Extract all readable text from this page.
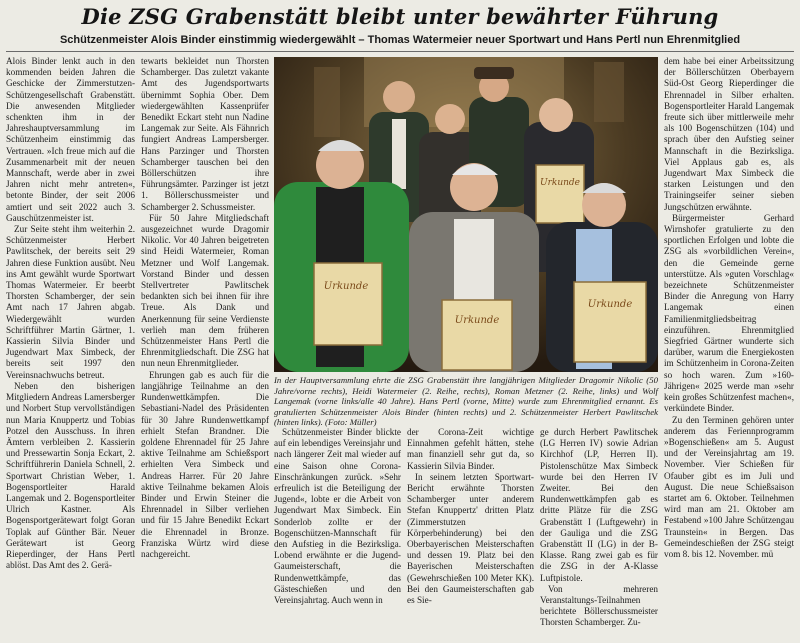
Die ZSG Grabenstätt bleibt unter bewährter Führung
Schützenmeister Alois Binder einstimmig wiedergewählt – Thomas Watermeier neuer Sportwart und Hans Pertl nun Ehrenmitglied

Alois Binder lenkt auch in den kommenden beiden Jahren die Geschicke der Zimmerstutzen-Schützengesellschaft Grabenstätt. Die anwesenden Mitglieder schenkten ihm in der Jahreshauptversammlung im Schützenheim einstimmig das Vertrauen. »Ich freue mich auf die Zusammenarbeit mit der neuen Mannschaft, werde aber in zwei Jahren nicht mehr antreten«, betonte Binder, der seit 2006 amtiert und seit 2022 auch 3. Gauschützenmeister ist.

Zur Seite steht ihm weiterhin 2. Schützenmeister Herbert Pawlitschek, der bereits seit 29 Jahren diese Funktion ausübt. Neu ins Amt gewählt wurde Sportwart Thomas Watermeier. Er beerbt Thorsten Schamberger, der sein Amt nach 17 Jahren abgab. Wiedergewählt wurden Schriftführer Martin Gärtner, 1. Kassierin Silvia Binder und Jugendwart Max Simbeck, der bereits seit 1997 den Vereinsnachwuchs betreut.

Neben den bisherigen Mitgliedern Andreas Lamersberger und Norbert Stup vervollständigen nun Maria Knuppertz und Tobias Potzel den Ausschuss. In ihren Ämtern verbleiben 2. Kassierin und Pressewartin Sonja Eckart, 2. Schriftführerin Daniela Schnell, 2. Sportwart Christian Weber, 1. Bogensportleiter Harald Langemak und 2. Bogensportleiter Ulrich Kastner. Als Bogensportgerätewart folgt Goran Toplak auf Günther Bär. Neuer Gerätewart ist Georg Rieperdinger, der Hans Pertl ablöst. Das Amt des 2. Gerä-

tewarts bekleidet nun Thorsten Schamberger. Das zuletzt vakante Amt des Jugendsportwarts übernimmt Sophia Ober. Dem wiedergewählten Kassenprüfer Benedikt Eckart steht nun Nadine Langemak zur Seite. Als Fähnrich fungiert Andreas Lampersberger. Hans Parzinger und Thorsten Schamberger tauschen bei den Böllerschützen ihre Führungsämter. Parzinger ist jetzt 1. Böllerschussmeister und Schamberger 2. Schussmeister.

Für 50 Jahre Mitgliedschaft ausgezeichnet wurde Dragomir Nikolic. Vor 40 Jahren beigetreten sind Heidi Watermeier, Roman Metzner und Wolf Langemak. Vorstand Binder und dessen Stellvertreter Pawlitschek bedankten sich bei ihnen für ihre Treue. Als Dank und Anerkennung für seine Verdienste verlieh man dem früheren Schützenmeister Hans Pertl die Ehrenmitgliedschaft. Die ZSG hat nun neun Ehrenmitglieder.

Ehrungen gab es auch für die langjährige Teilnahme an den Rundenwettkämpfen. Die Sebastiani-Nadel des Präsidenten für 30 Jahre Rundenwettkampf erhielt Stefan Brandner. Die goldene Ehrennadel für 25 Jahre aktive Teilnahme am Schießsport erhielten Vera Simbeck und Andreas Harrer. Für 20 Jahre aktive Teilnahme bekamen Alois Binder und Erwin Steiner die Ehrennadel in Silber verliehen und für 15 Jahre Benedikt Eckart die Ehrennadel in Bronze. Franziska Würtz wird diese nachgereicht.

Urkunde
Urkunde
Urkunde
Urkunde
In der Hauptversammlung ehrte die ZSG Grabenstätt ihre langjährigen Mitglieder Dragomir Nikolic (50 Jahre/vorne rechts), Heidi Watermeier (2. Reihe, rechts), Roman Metzner (2. Reihe, links) und Wolf Langemak (vorne links/alle 40 Jahre). Hans Pertl (vorne, Mitte) wurde zum Ehrenmitglied ernannt. Es gratulierten Schützenmeister Alois Binder (hinten rechts) und 2. Schützenmeister Herbert Pawlitschek (hinten links). (Foto: Müller)

Schützenmeister Binder blickte auf ein lebendiges Vereinsjahr und nach längerer Zeit mal wieder auf eine Saison ohne Corona-Einschränkungen zurück. »Sehr erfreulich ist die Beteiligung der Jugend«, lobte er die Arbeit von Jugendwart Max Simbeck. Ein Sonderlob zollte er der Bogenschützen-Mannschaft für den Aufstieg in die Bezirksliga. Lobend erwähnte er die Jugend-Gaumeisterschaft, die Rundenwettkämpfe, das Gästeschießen und den Vereinsjahrtag. Auch wenn in

der Corona-Zeit wichtige Einnahmen gefehlt hätten, stehe man finanziell sehr gut da, so Kassierin Silvia Binder.

In seinem letzten Sportwart-Bericht erwähnte Thorsten Schamberger unter anderem Stefan Knuppertz' dritten Platz (Zimmerstutzen Körperbehinderung) bei den Oberbayerischen Meisterschaften und dessen 19. Platz bei den Bayerischen Meisterschaften (Gewehrschießen 100 Meter KK). Bei den Gaumeisterschaften gab es Sie-

ge durch Herbert Pawlitschek (LG Herren IV) sowie Adrian Kirchhof (LP, Herren II). Pistolenschütze Max Simbeck wurde bei den Herren IV Zweiter. Bei den Rundenwettkämpfen gab es dritte Plätze für die ZSG Grabenstätt I (Luftgewehr) in der Gauliga und die ZSG Grabenstätt II (LG) in der B-Klasse. Rang zwei gab es für die ZSG in der A-Klasse Luftpistole.

Von mehreren Veranstaltungs-Teilnahmen berichtete Böllerschussmeister Thorsten Schamberger. Zu-

dem habe bei einer Arbeitssitzung der Böllerschützen Oberbayern Süd-Ost Georg Rieperdinger die Ehrennadel in Silber erhalten. Bogensportleiter Harald Langemak freute sich über mittlerweile mehr als 100 Bogenschützen (104) und sprach über den Aufstieg seiner Mannschaft in die Bezirksliga. Viel Applaus gab es, als Jugendwart Max Simbeck die starken Leistungen und den Trainingseifer seiner sieben Jungschützen erwähnte.

Bürgermeister Gerhard Wirnshofer gratulierte zu den sportlichen Erfolgen und lobte die ZSG als »vorbildlichen Verein«, den die Gemeinde gerne unterstütze. Als »guten Vorschlag« bezeichnete Schützenmeister Binder die Anregung von Harry Langemak einen Familienmitgliedsbeitrag einzuführen. Ehrenmitglied Siegfried Gärtner wunderte sich darüber, warum die Energiekosten im Schützenheim in Corona-Zeiten so hoch waren. Zum »160-Jährigen« 2025 werde man »sehr kein großes Schützenfest machen«, verkündete Binder.

Zu den Terminen gehören unter anderem das Feriennprogramm »Bogenschießen« am 5. August und der Vereinsjahrtag am 19. November. Vier Schießen für Ofauber gibt es im Juli und August. Die neue Schießsaison startet am 6. Oktober. Teilnehmen wird man am 21. Oktober am Festabend »100 Jahre Schützengau Traunstein« in Bergen. Das Gemeindeschießen der ZSG steigt vom 8. bis 12. November. mü
